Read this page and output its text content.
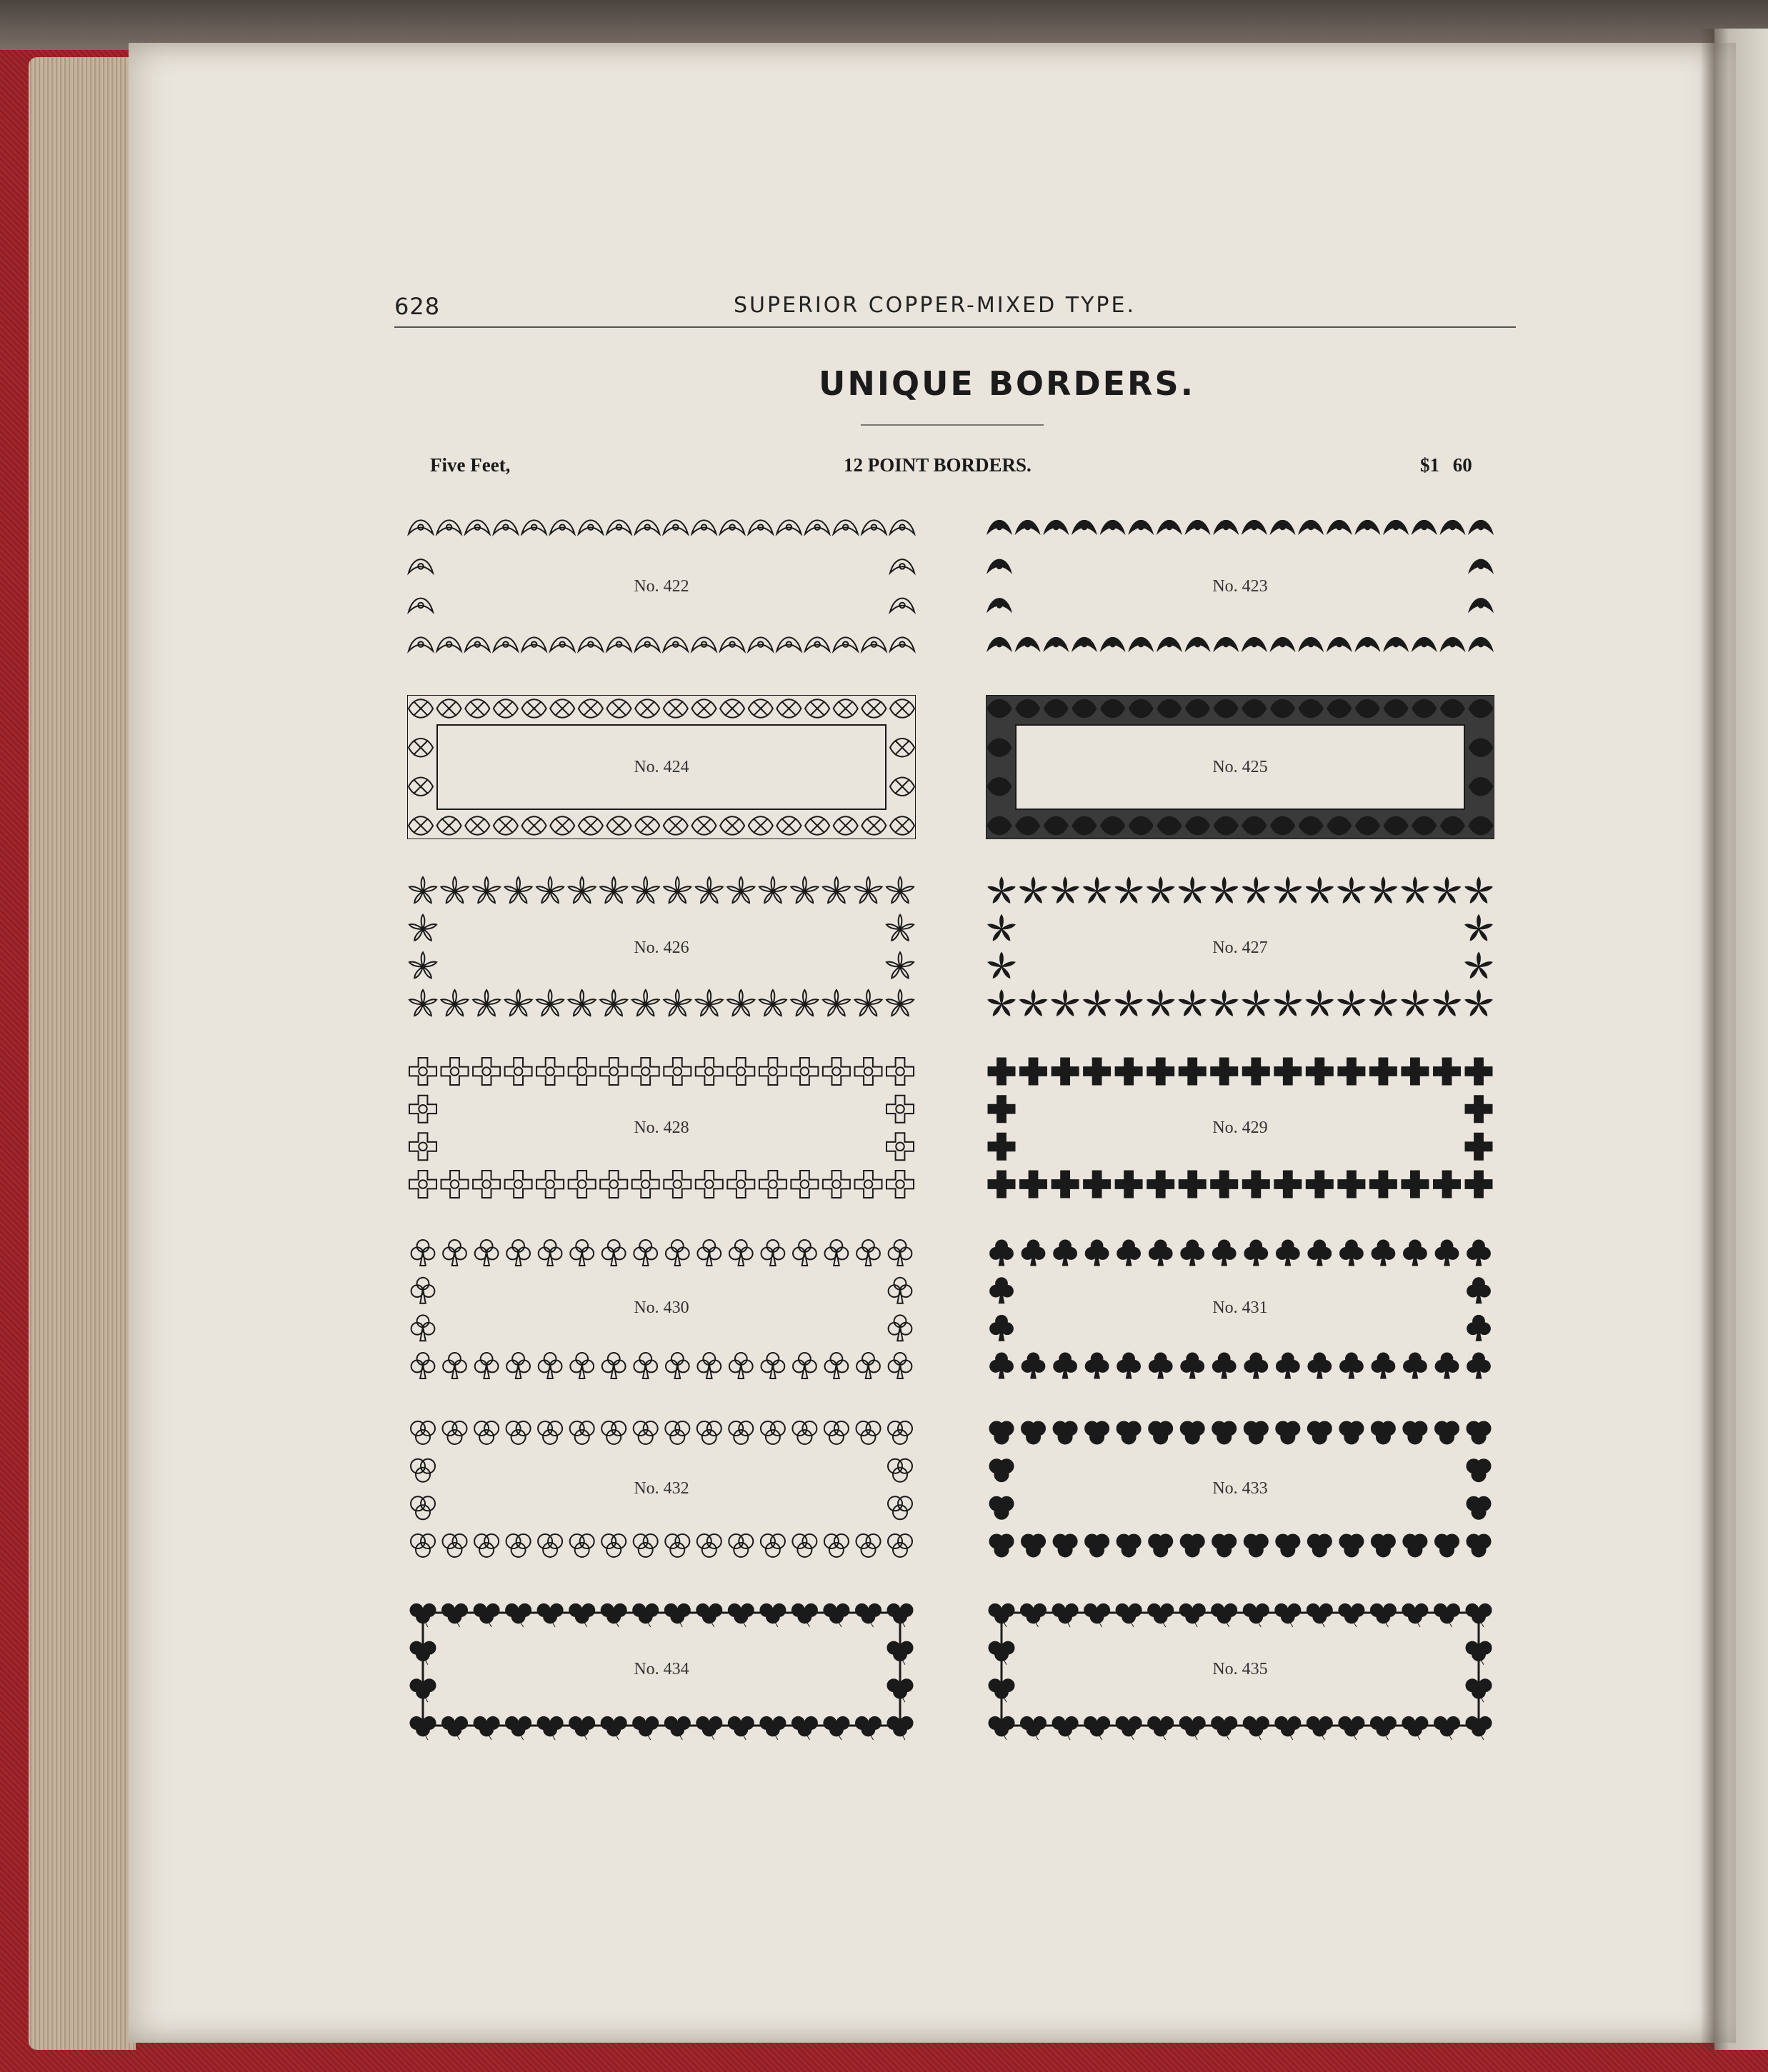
628	SUPERIOR COPPER-MIXED TYPE.
UNIQUE BORDERS.
Five Feet,	12 POINT BORDERS.	$1 60
No. 422	No. 423
No. 424	No. 425
No. 426	No. 427
No. 428	No. 429
No. 430	No. 431
No. 432	No. 433
No. 434	No. 435
